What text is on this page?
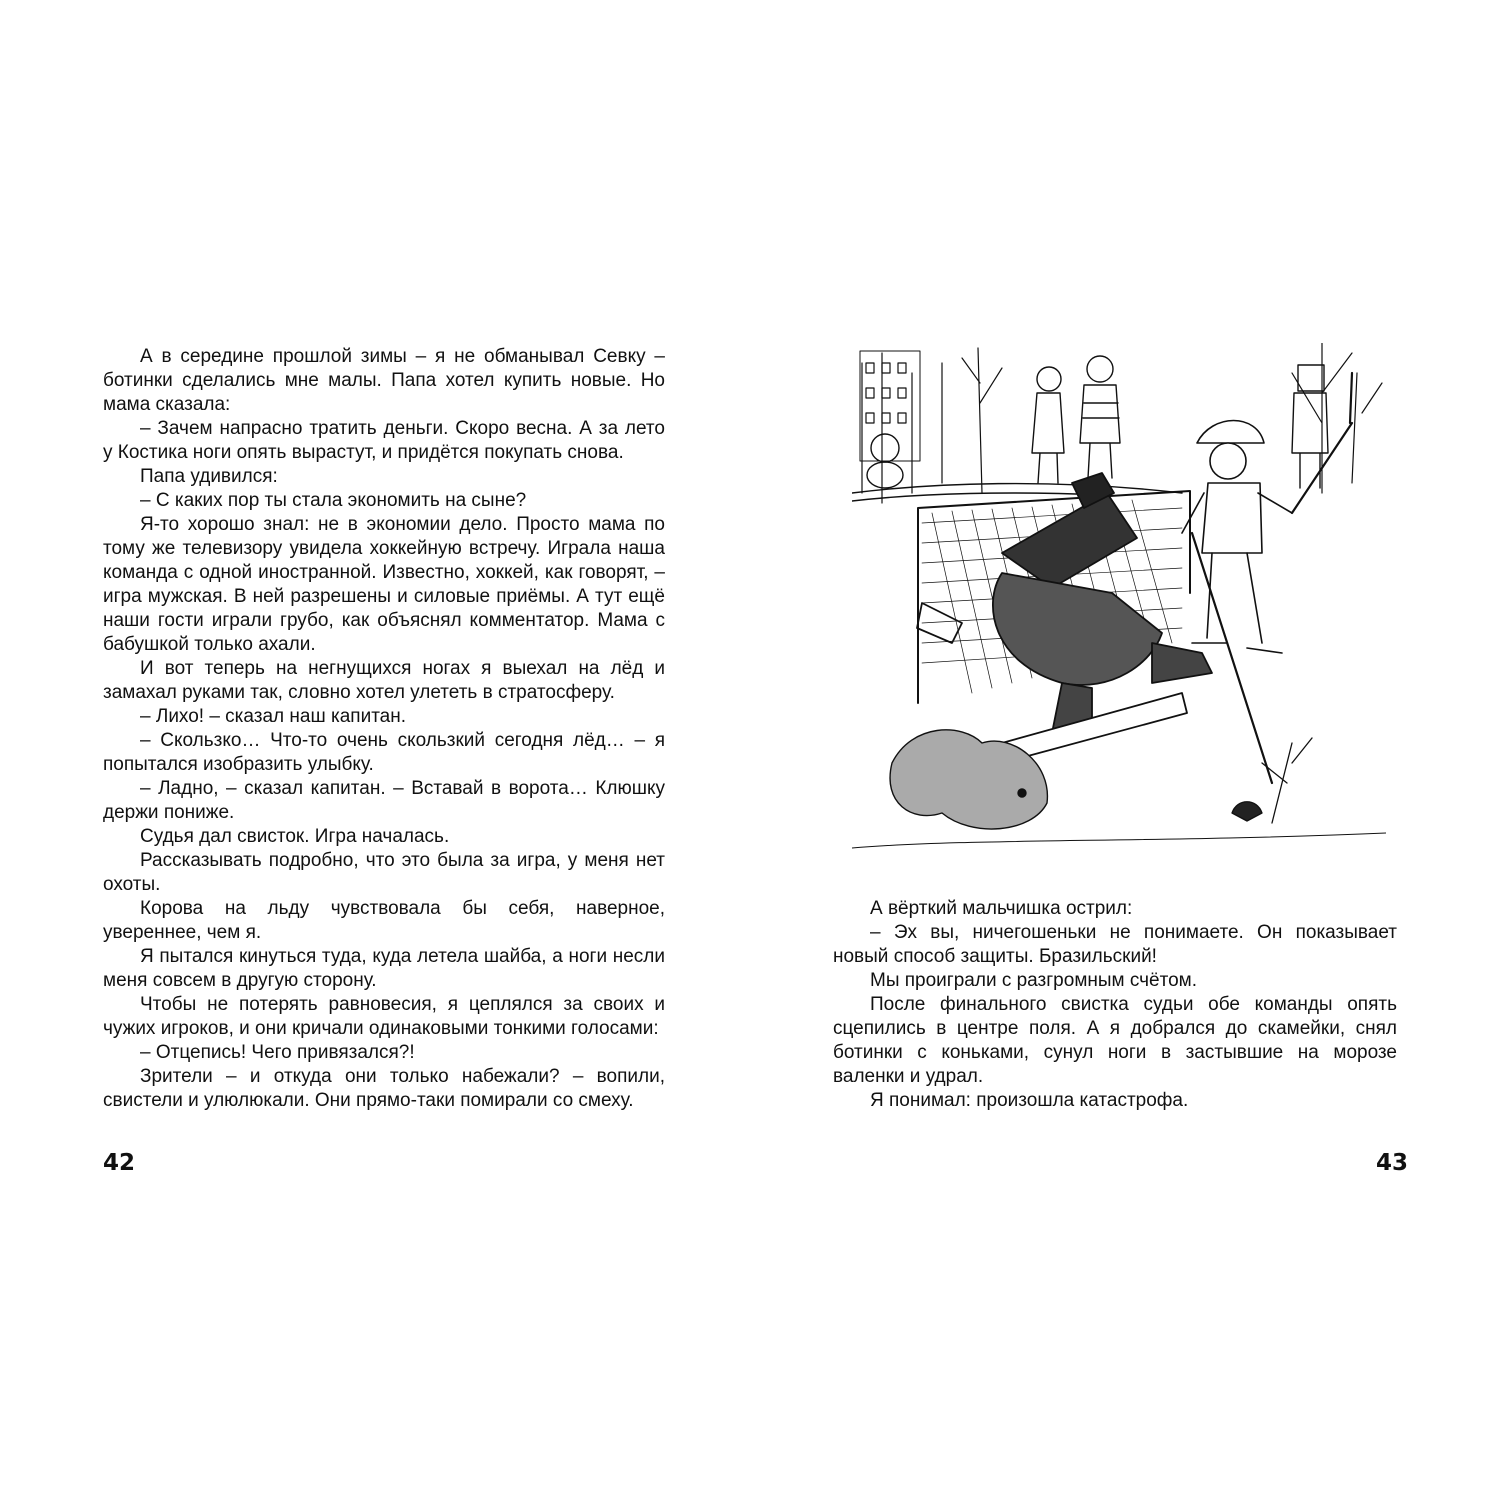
А в середине прошлой зимы – я не обманывал Севку – ботинки сделались мне малы. Папа хотел купить новые. Но мама сказала:

– Зачем напрасно тратить деньги. Скоро весна. А за лето у Костика ноги опять вырастут, и придётся покупать снова.

Папа удивился:

– С каких пор ты стала экономить на сыне?

Я-то хорошо знал: не в экономии дело. Просто мама по тому же телевизору увидела хоккейную встречу. Играла наша команда с одной иностранной. Известно, хоккей, как говорят, – игра мужская. В ней разрешены и силовые приёмы. А тут ещё наши гости играли грубо, как объяснял комментатор. Мама с бабушкой только ахали.

И вот теперь на негнущихся ногах я выехал на лёд и замахал руками так, словно хотел улететь в стратосферу.

– Лихо! – сказал наш капитан.

– Скользко… Что-то очень скользкий сегодня лёд… – я попытался изобразить улыбку.

– Ладно, – сказал капитан. – Вставай в ворота… Клюшку держи пониже.

Судья дал свисток. Игра началась.

Рассказывать подробно, что это была за игра, у меня нет охоты.

Корова на льду чувствовала бы себя, наверное, увереннее, чем я.

Я пытался кинуться туда, куда летела шайба, а ноги несли меня совсем в другую сторону.

Чтобы не потерять равновесия, я цеплялся за своих и чужих игроков, и они кричали одинаковыми тонкими голосами:

– Отцепись! Чего привязался?!

Зрители – и откуда они только набежали? – вопили, свистели и улюлюкали. Они прямо-таки помирали со смеху.

42

А вёрткий мальчишка острил:

– Эх вы, ничегошеньки не понимаете. Он показывает новый способ защиты. Бразильский!

Мы проиграли с разгромным счётом.

После финального свистка судьи обе команды опять сцепились в центре поля. А я добрался до скамейки, снял ботинки с коньками, сунул ноги в застывшие на морозе валенки и удрал.

Я понимал: произошла катастрофа.

43
